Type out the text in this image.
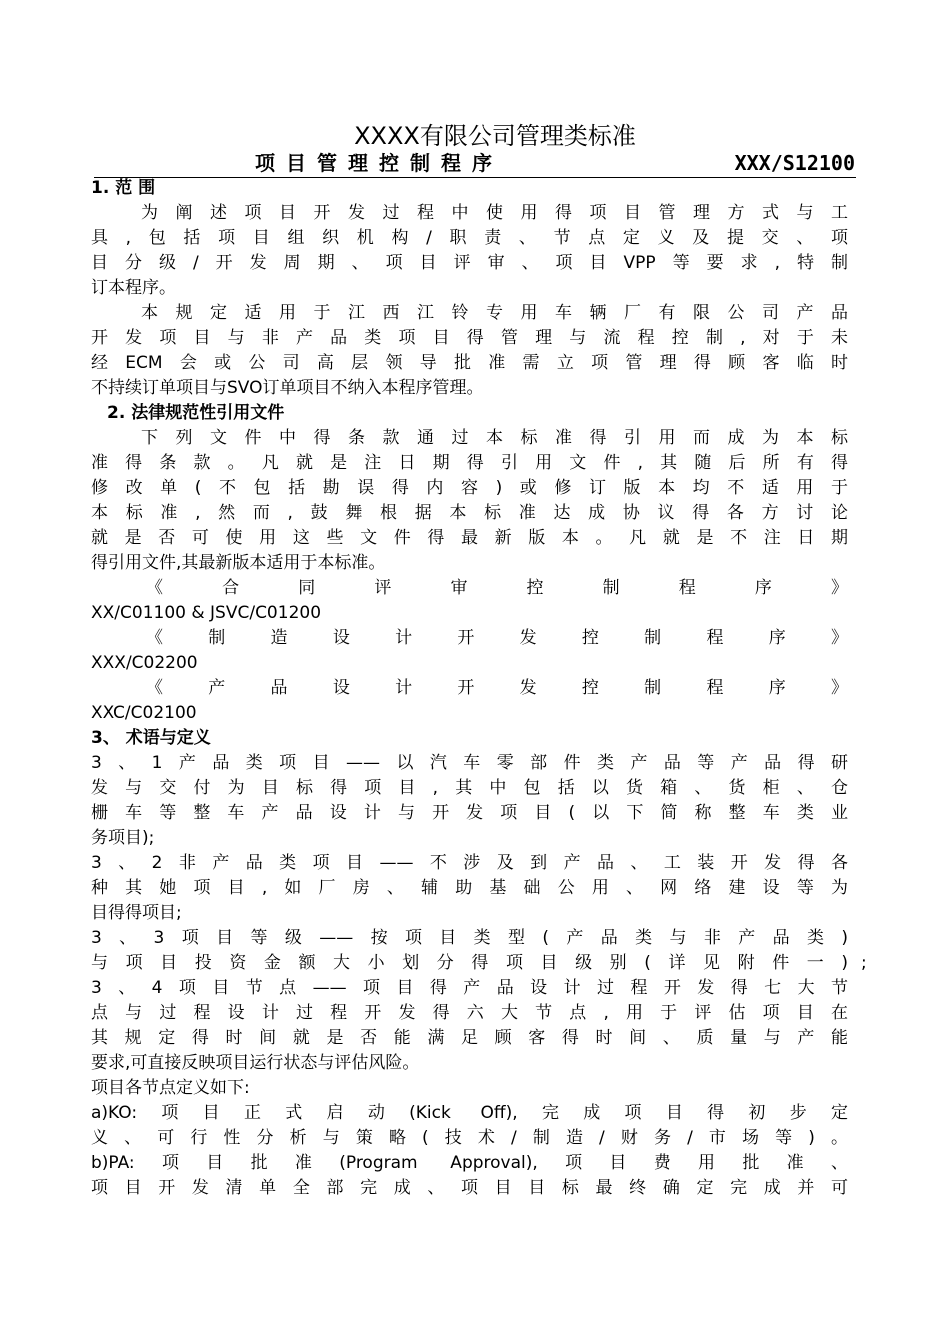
XXXX有限公司管理类标准
项目管理控制程序	XXX/S12100
1. 范 围
为阐述项目开发过程中使用得项目管理方式与工
具,包括项目组织机构/职责、节点定义及提交、项
目分级/开发周期、项目评审、项目VPP等要求,特制
订本程序。
本规定适用于江西江铃专用车辆厂有限公司产品
开发项目与非产品类项目得管理与流程控制,对于未
经ECM会或公司高层领导批准需立项管理得顾客临时
不持续订单项目与SVO订单项目不纳入本程序管理。
2. 法律规范性引用文件
下列文件中得条款通过本标准得引用而成为本标
准得条款。凡就是注日期得引用文件,其随后所有得
修改单(不包括勘误得内容)或修订版本均不适用于
本标准,然而,鼓舞根据本标准达成协议得各方讨论
就是否可使用这些文件得最新版本。凡就是不注日期
得引用文件,其最新版本适用于本标准。
《合同评审控制程序》
XX/C01100 & JSVC/C01200
《制造设计开发控制程序》
XXX/C02200
《产品设计开发控制程序》
XXC/C02100
3、 术语与定义
3、1产品类项目——以汽车零部件类产品等产品得研
发与交付为目标得项目,其中包括以货箱、货柜、仓
栅车等整车产品设计与开发项目(以下简称整车类业
务项目);
3、2非产品类项目——不涉及到产品、工装开发得各
种其她项目,如厂房、辅助基础公用、网络建设等为
目得得项目;
3、3项目等级——按项目类型(产品类与非产品类)
与项目投资金额大小划分得项目级别(详见附件一) ;
3、4项目节点——项目得产品设计过程开发得七大节
点与过程设计过程开发得六大节点,用于评估项目在
其规定得时间就是否能满足顾客得时间、质量与产能
要求,可直接反映项目运行状态与评估风险。
项目各节点定义如下:
a)KO:项目正式启动(Kick Off),完成项目得初步定
义、可行性分析与策略(技术/制造/财务/市场等)。
b)PA:项目批准(Program Approval),项目费用批准、
项目开发清单全部完成、项目目标最终确定完成并可
